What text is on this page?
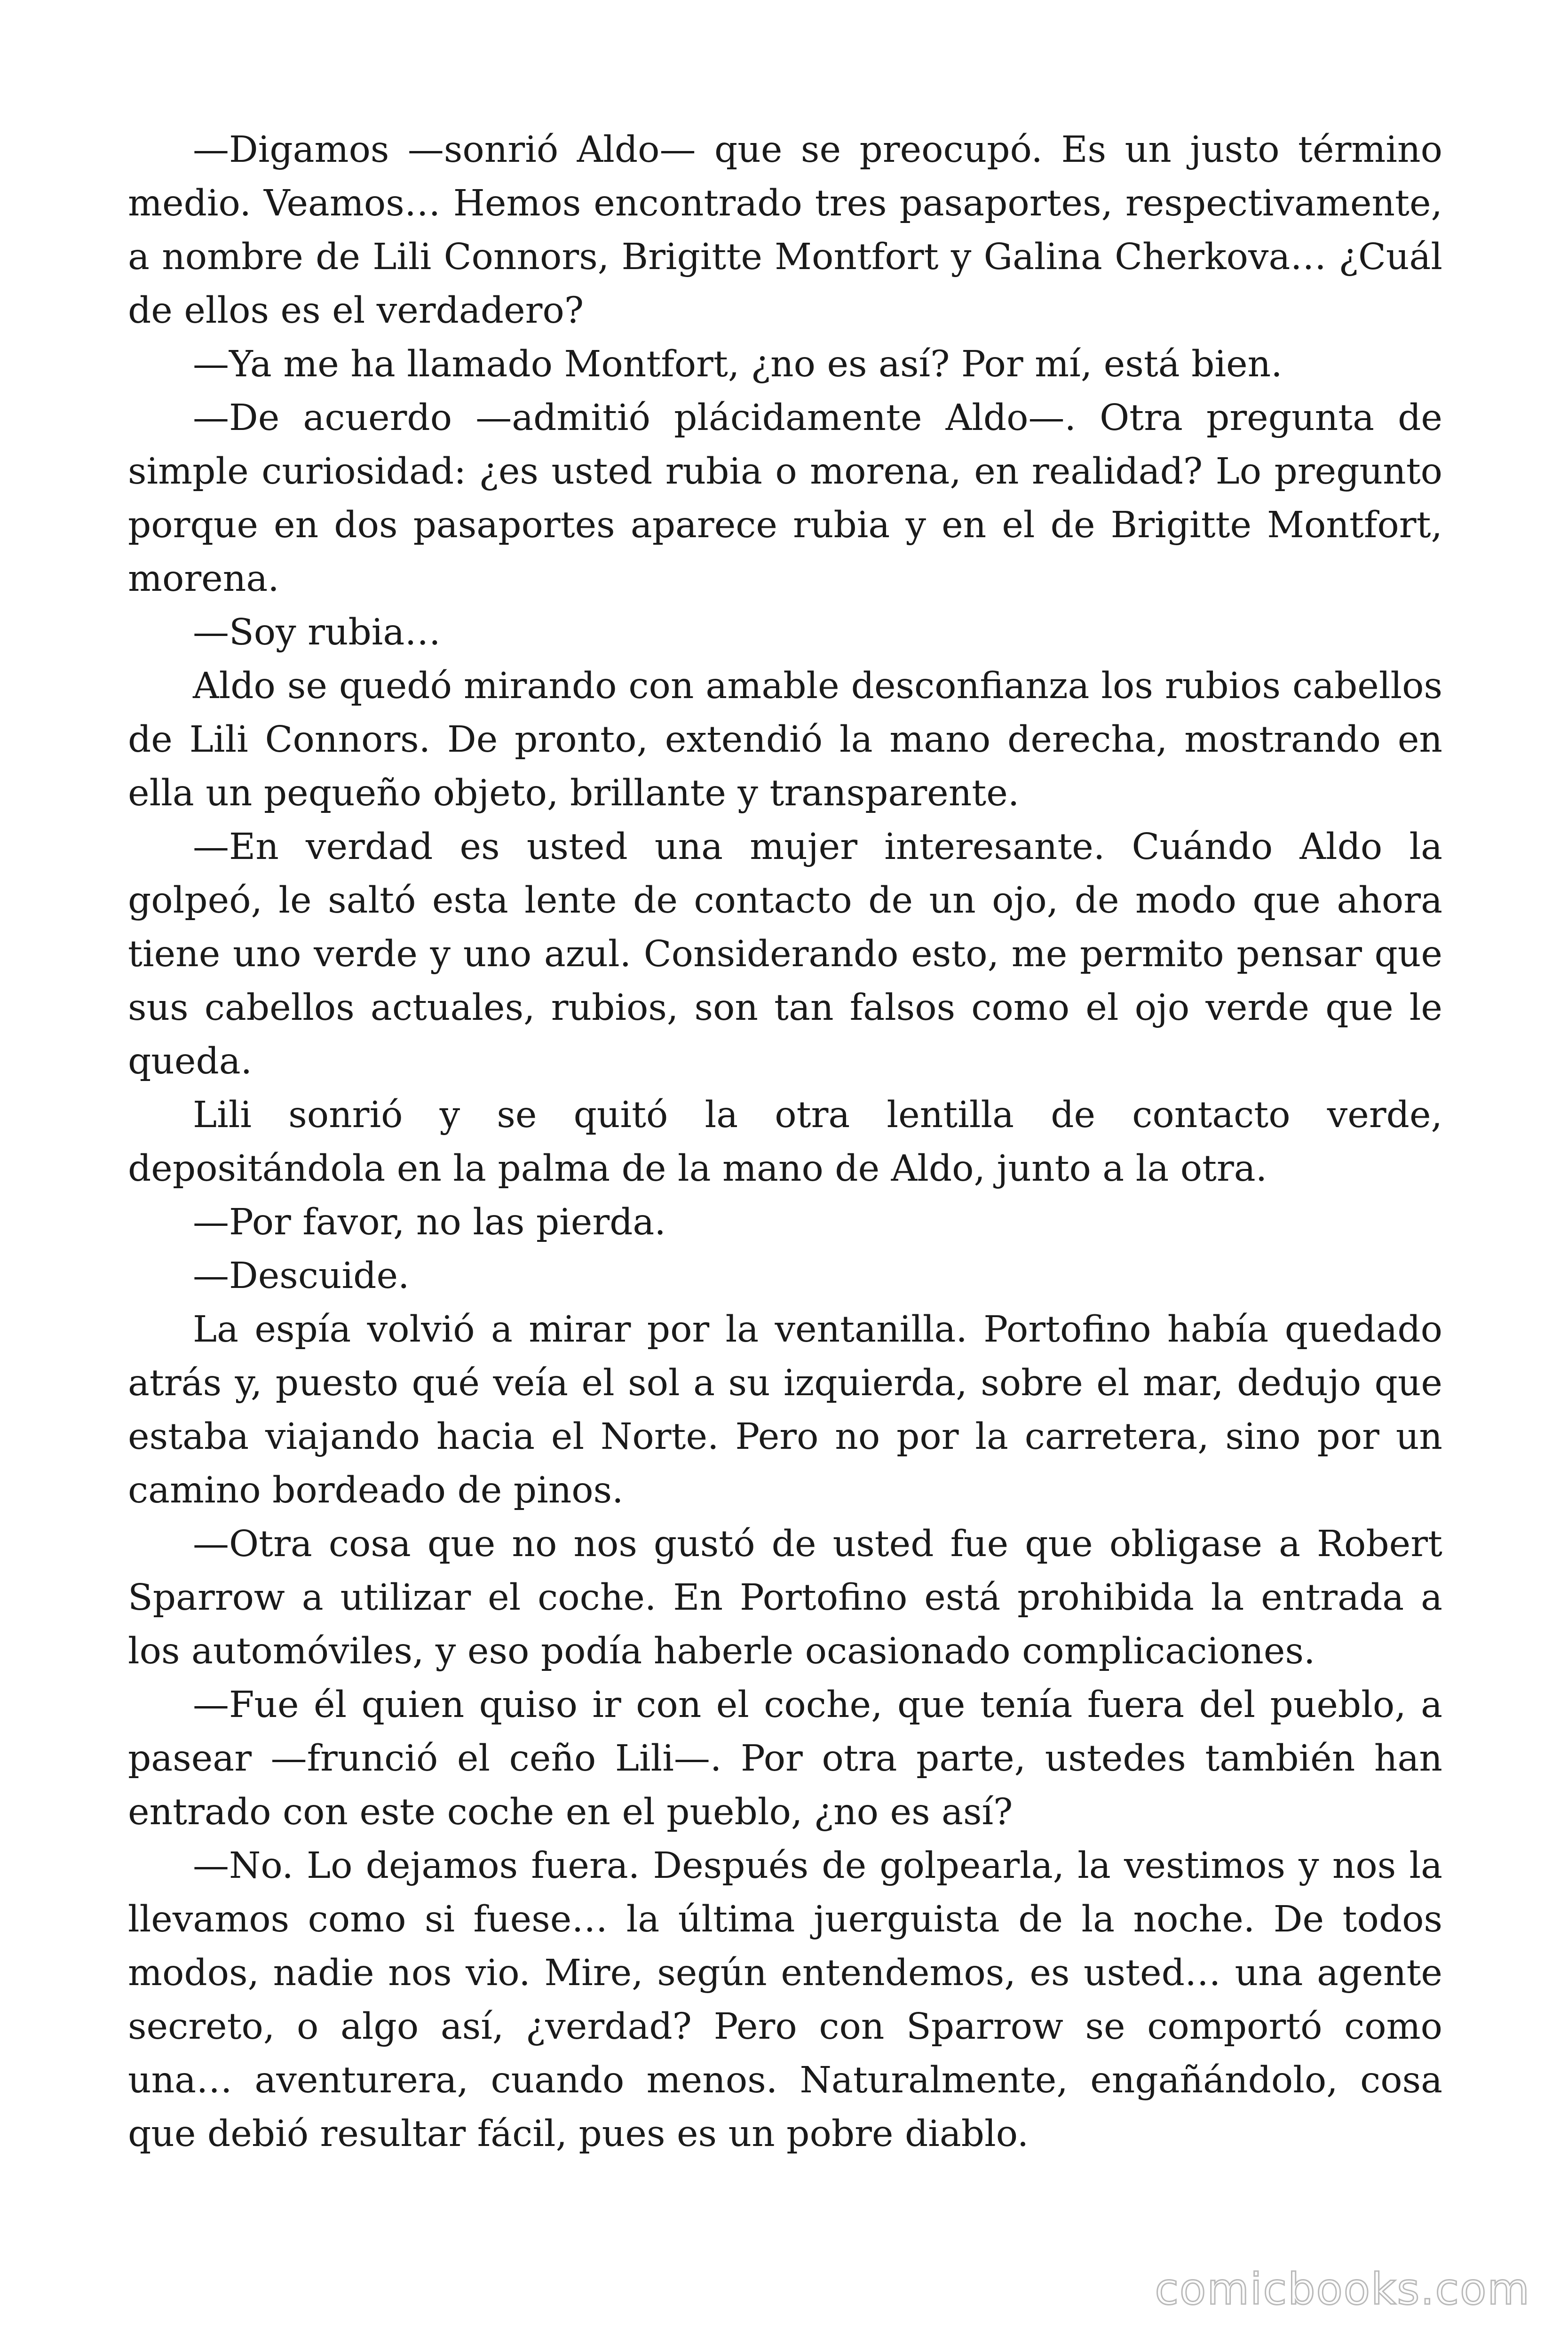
—Digamos —sonrió Aldo— que se preocupó. Es un justo término medio. Veamos… Hemos encontrado tres pasaportes, respectivamente, a nombre de Lili Connors, Brigitte Montfort y Galina Cherkova… ¿Cuál de ellos es el verdadero?

—Ya me ha llamado Montfort, ¿no es así? Por mí, está bien.

—De acuerdo —admitió plácidamente Aldo—. Otra pregunta de simple curiosidad: ¿es usted rubia o morena, en realidad? Lo pregunto porque en dos pasaportes aparece rubia y en el de Brigitte Montfort, morena.

—Soy rubia…

Aldo se quedó mirando con amable desconfianza los rubios cabellos de Lili Connors. De pronto, extendió la mano derecha, mostrando en ella un pequeño objeto, brillante y transparente.

—En verdad es usted una mujer interesante. Cuándo Aldo la golpeó, le saltó esta lente de contacto de un ojo, de modo que ahora tiene uno verde y uno azul. Considerando esto, me permito pensar que sus cabellos actuales, rubios, son tan falsos como el ojo verde que le queda.

Lili sonrió y se quitó la otra lentilla de contacto verde, depositándola en la palma de la mano de Aldo, junto a la otra.

—Por favor, no las pierda.

—Descuide.

La espía volvió a mirar por la ventanilla. Portofino había quedado atrás y, puesto qué veía el sol a su izquierda, sobre el mar, dedujo que estaba viajando hacia el Norte. Pero no por la carretera, sino por un camino bordeado de pinos.

—Otra cosa que no nos gustó de usted fue que obligase a Robert Sparrow a utilizar el coche. En Portofino está prohibida la entrada a los automóviles, y eso podía haberle ocasionado complicaciones.

—Fue él quien quiso ir con el coche, que tenía fuera del pueblo, a pasear —frunció el ceño Lili—. Por otra parte, ustedes también han entrado con este coche en el pueblo, ¿no es así?

—No. Lo dejamos fuera. Después de golpearla, la vestimos y nos la llevamos como si fuese… la última juerguista de la noche. De todos modos, nadie nos vio. Mire, según entendemos, es usted… una agente secreto, o algo así, ¿verdad? Pero con Sparrow se comportó como una… aventurera, cuando menos. Naturalmente, engañándolo, cosa que debió resultar fácil, pues es un pobre diablo.

comicbooks.com
